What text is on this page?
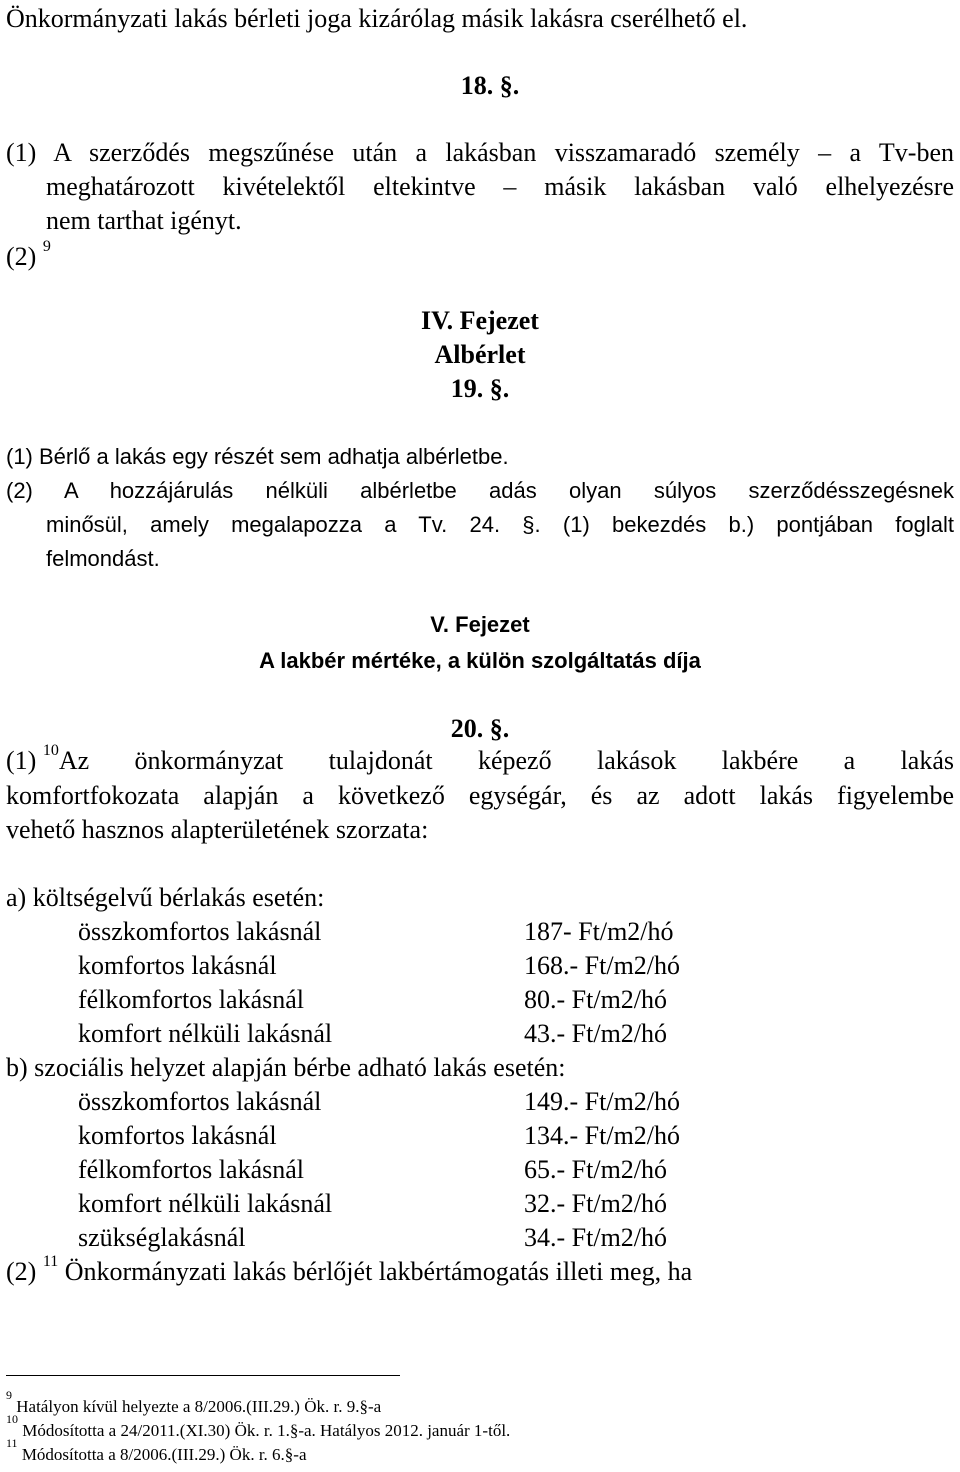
Önkormányzati lakás bérleti joga kizárólag másik lakásra cserélhető el.
18. §.
(1) A szerződés megszűnése után a lakásban visszamaradó személy – a Tv-ben
meghatározott kivételektől eltekintve – másik lakásban való elhelyezésre
nem tarthat igényt.
(2) $^9$
IV. Fejezet
Albérlet
19. §.
(1) Bérlő a lakás egy részét sem adhatja albérletbe.
(2) A hozzájárulás nélküli albérletbe adás olyan súlyos szerződésszegésnek
minősül, amely megalapozza a Tv. 24. §. (1) bekezdés b.) pontjában foglalt
felmondást.
V. Fejezet
A lakbér mértéke, a külön szolgáltatás díja
20. §.
(1) $^{10}$ Az önkormányzat tulajdonát képező lakások lakbére a lakás
komfortfokozata alapján a következő egységár, és az adott lakás figyelembe
vehető hasznos alapterületének szorzata:
a) költségelvű bérlakás esetén:
összkomfortos lakásnál	187- Ft/m2/hó
komfortos lakásnál	168.- Ft/m2/hó
félkomfortos lakásnál	80.- Ft/m2/hó
komfort nélküli lakásnál	43.- Ft/m2/hó
b) szociális helyzet alapján bérbe adható lakás esetén:
összkomfortos lakásnál	149.- Ft/m2/hó
komfortos lakásnál	134.- Ft/m2/hó
félkomfortos lakásnál	65.- Ft/m2/hó
komfort nélküli lakásnál	32.- Ft/m2/hó
szükséglakásnál	34.- Ft/m2/hó
(2) $^{11}$ Önkormányzati lakás bérlőjét lakbértámogatás illeti meg, ha
$^9$ Hatályon kívül helyezte a 8/2006.(III.29.) Ök. r. 9.§-a
$^{10}$ Módosította a 24/2011.(XI.30) Ök. r. 1.§-a. Hatályos 2012. január 1-től.
$^{11}$ Módosította a 8/2006.(III.29.) Ök. r. 6.§-a
